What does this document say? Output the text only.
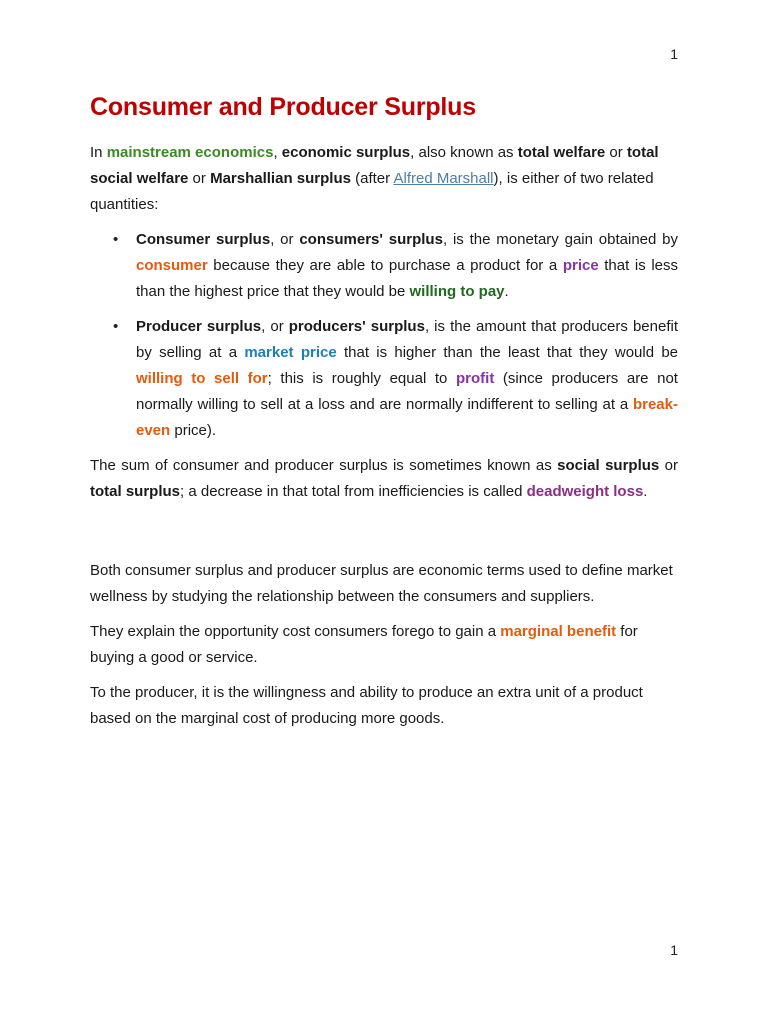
1
Consumer and Producer Surplus

In mainstream economics, economic surplus, also known as total welfare or total social welfare or Marshallian surplus (after Alfred Marshall), is either of two related quantities:

• Consumer surplus, or consumers' surplus, is the monetary gain obtained by consumer because they are able to purchase a product for a price that is less than the highest price that they would be willing to pay.
• Producer surplus, or producers' surplus, is the amount that producers benefit by selling at a market price that is higher than the least that they would be willing to sell for; this is roughly equal to profit (since producers are not normally willing to sell at a loss and are normally indifferent to selling at a break-even price).

The sum of consumer and producer surplus is sometimes known as social surplus or total surplus; a decrease in that total from inefficiencies is called deadweight loss.

Both consumer surplus and producer surplus are economic terms used to define market wellness by studying the relationship between the consumers and suppliers.

They explain the opportunity cost consumers forego to gain a marginal benefit for buying a good or service.

To the producer, it is the willingness and ability to produce an extra unit of a product based on the marginal cost of producing more goods.

1
